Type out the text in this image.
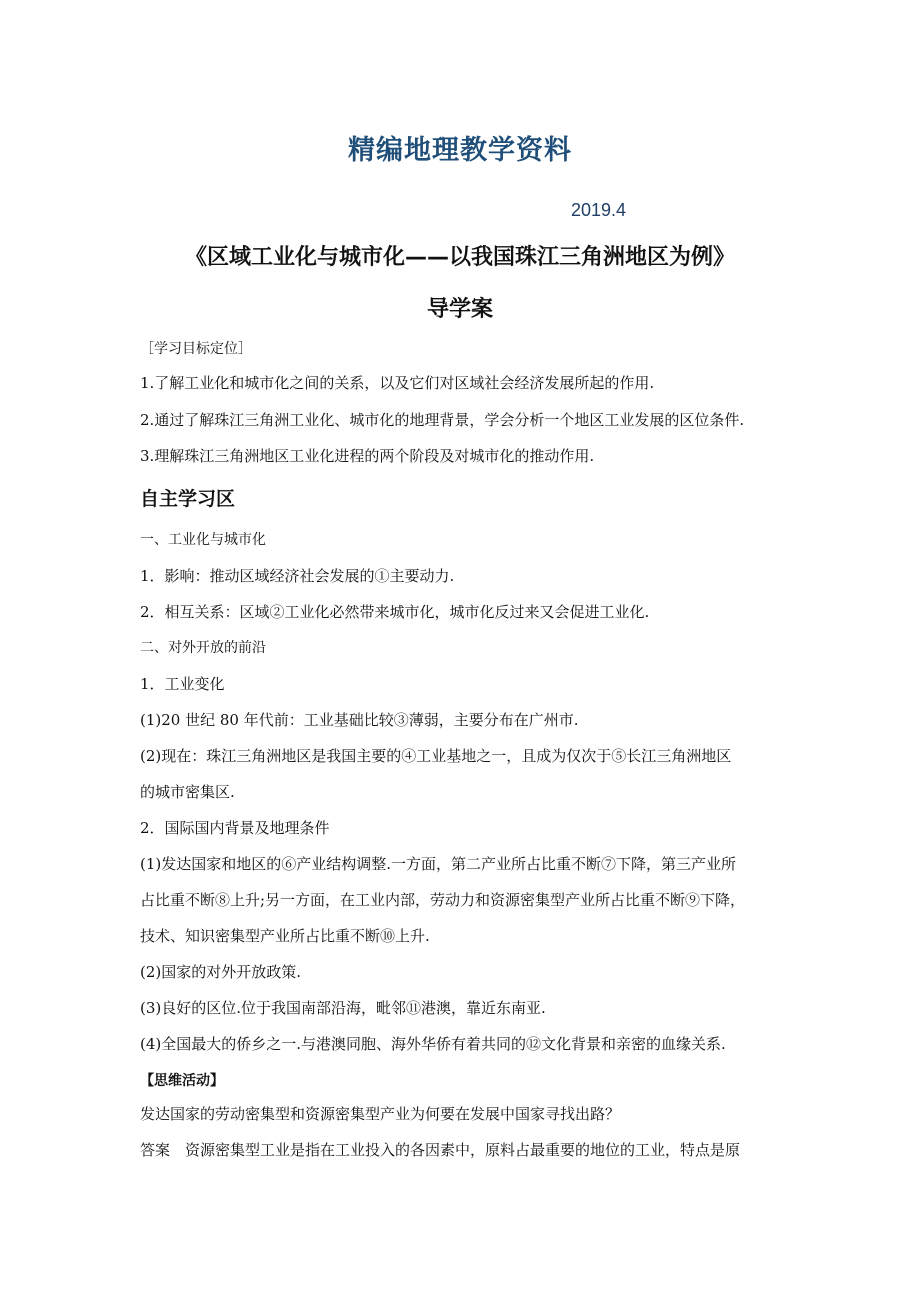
精编地理教学资料
2019.4
《区域工业化与城市化——以我国珠江三角洲地区为例》
导学案
［学习目标定位］
1.了解工业化和城市化之间的关系，以及它们对区域社会经济发展所起的作用.
2.通过了解珠江三角洲工业化、城市化的地理背景，学会分析一个地区工业发展的区位条件.
3.理解珠江三角洲地区工业化进程的两个阶段及对城市化的推动作用.
自主学习区
一、工业化与城市化
1．影响：推动区域经济社会发展的①主要动力.
2．相互关系：区域②工业化必然带来城市化，城市化反过来又会促进工业化.
二、对外开放的前沿
1．工业变化
(1)20 世纪 80 年代前：工业基础比较③薄弱，主要分布在广州市.
(2)现在：珠江三角洲地区是我国主要的④工业基地之一，且成为仅次于⑤长江三角洲地区
的城市密集区.
2．国际国内背景及地理条件
(1)发达国家和地区的⑥产业结构调整.一方面，第二产业所占比重不断⑦下降，第三产业所
占比重不断⑧上升;另一方面，在工业内部，劳动力和资源密集型产业所占比重不断⑨下降，
技术、知识密集型产业所占比重不断⑩上升.
(2)国家的对外开放政策.
(3)良好的区位.位于我国南部沿海，毗邻⑪港澳，靠近东南亚.
(4)全国最大的侨乡之一.与港澳同胞、海外华侨有着共同的⑫文化背景和亲密的血缘关系.
【思维活动】
发达国家的劳动密集型和资源密集型产业为何要在发展中国家寻找出路？
答案　资源密集型工业是指在工业投入的各因素中，原料占最重要的地位的工业，特点是原
